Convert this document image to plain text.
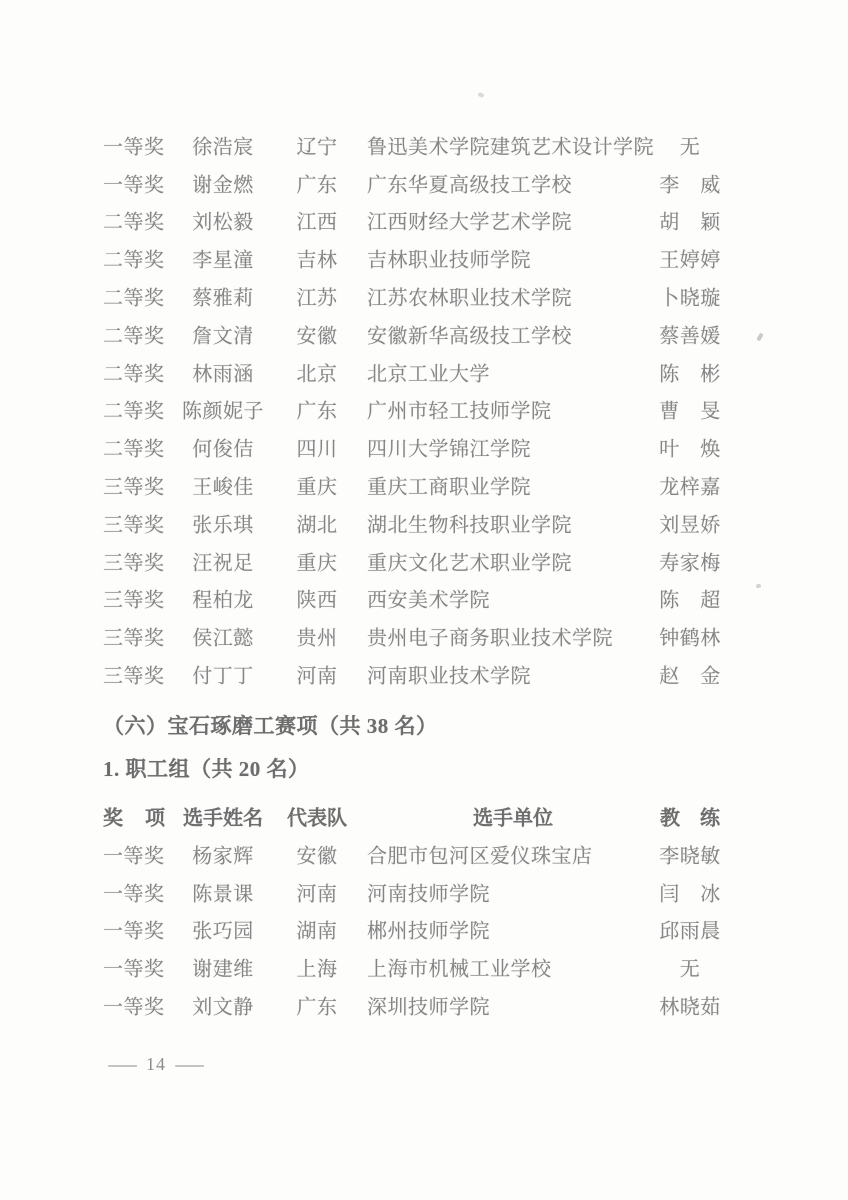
一等奖	徐浩宸	辽宁	鲁迅美术学院建筑艺术设计学院	无
一等奖	谢金燃	广东	广东华夏高级技工学校	李　威
二等奖	刘松毅	江西	江西财经大学艺术学院	胡　颖
二等奖	李星潼	吉林	吉林职业技师学院	王婷婷
二等奖	蔡雅莉	江苏	江苏农林职业技术学院	卜晓璇
二等奖	詹文清	安徽	安徽新华高级技工学校	蔡善媛
二等奖	林雨涵	北京	北京工业大学	陈　彬
二等奖 陈颜妮子	广东	广州市轻工技师学院	曹　旻
二等奖	何俊佶	四川	四川大学锦江学院	叶　焕
三等奖	王峻佳	重庆	重庆工商职业学院	龙梓嘉
三等奖	张乐琪	湖北	湖北生物科技职业学院	刘昱娇
三等奖	汪祝足	重庆	重庆文化艺术职业学院	寿家梅
三等奖	程柏龙	陕西	西安美术学院	陈　超
三等奖	侯江懿	贵州	贵州电子商务职业技术学院	钟鹤林
三等奖	付丁丁	河南	河南职业技术学院	赵　金
（六）宝石琢磨工赛项（共 38 名）
1. 职工组（共 20 名）
奖　项 选手姓名	代表队	选手单位	教　练
一等奖	杨家辉	安徽	合肥市包河区爱仪珠宝店	李晓敏
一等奖	陈景课	河南	河南技师学院	闫　冰
一等奖	张巧园	湖南	郴州技师学院	邱雨晨
一等奖	谢建维	上海	上海市机械工业学校	无
一等奖	刘文静	广东	深圳技师学院	林晓茹
— 14 —
